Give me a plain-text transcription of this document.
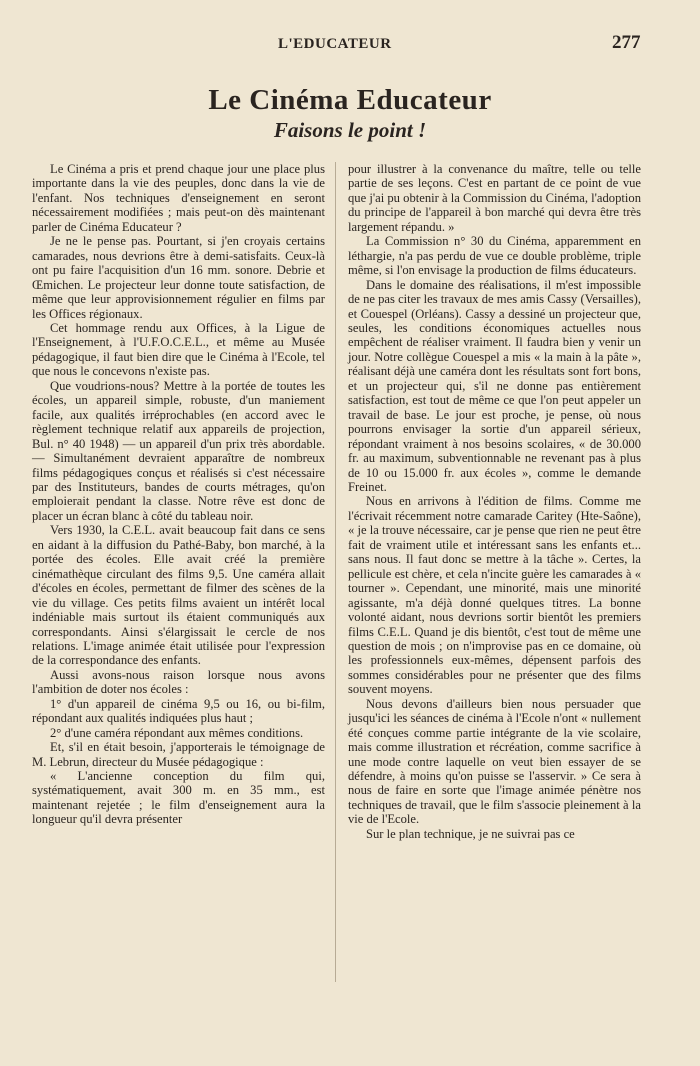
L'EDUCATEUR	277
Le Cinéma Educateur
Faisons le point !

Le Cinéma a pris et prend chaque jour une place plus importante dans la vie des peuples, donc dans la vie de l'enfant. Nos techniques d'enseignement en seront nécessairement modifiées ; mais peut-on dès maintenant parler de Cinéma Educateur ?

Je ne le pense pas. Pourtant, si j'en croyais certains camarades, nous devrions être à demi-satisfaits. Ceux-là ont pu faire l'acquisition d'un 16 mm. sonore. Debrie et Œmichen. Le projecteur leur donne toute satisfaction, de même que leur approvisionnement régulier en films par les Offices régionaux.

Cet hommage rendu aux Offices, à la Ligue de l'Enseignement, à l'U.F.O.C.E.L., et même au Musée pédagogique, il faut bien dire que le Cinéma à l'Ecole, tel que nous le concevons n'existe pas.

Que voudrions-nous? Mettre à la portée de toutes les écoles, un appareil simple, robuste, d'un maniement facile, aux qualités irréprochables (en accord avec le règlement technique relatif aux appareils de projection, Bul. n° 40 1948) — un appareil d'un prix très abordable. — Simultanément devraient apparaître de nombreux films pédagogiques conçus et réalisés si c'est nécessaire par des Instituteurs, bandes de courts métrages, qu'on emploierait pendant la classe. Notre rêve est donc de placer un écran blanc à côté du tableau noir.

Vers 1930, la C.E.L. avait beaucoup fait dans ce sens en aidant à la diffusion du Pathé-Baby, bon marché, à la portée des écoles. Elle avait créé la première cinémathèque circulant des films 9,5. Une caméra allait d'écoles en écoles, permettant de filmer des scènes de la vie du village. Ces petits films avaient un intérêt local indéniable mais surtout ils étaient communiqués aux correspondants. Ainsi s'élargissait le cercle de nos relations. L'image animée était utilisée pour l'expression de la correspondance des enfants.

Aussi avons-nous raison lorsque nous avons l'ambition de doter nos écoles :

1° d'un appareil de cinéma 9,5 ou 16, ou bi-film, répondant aux qualités indiquées plus haut ;

2° d'une caméra répondant aux mêmes conditions.

Et, s'il en était besoin, j'apporterais le témoignage de M. Lebrun, directeur du Musée pédagogique :

« L'ancienne conception du film qui, systématiquement, avait 300 m. en 35 mm., est maintenant rejetée ; le film d'enseignement aura la longueur qu'il devra présenter

pour illustrer à la convenance du maître, telle ou telle partie de ses leçons. C'est en partant de ce point de vue que j'ai pu obtenir à la Commission du Cinéma, l'adoption du principe de l'appareil à bon marché qui devra être très largement répandu. »

La Commission n° 30 du Cinéma, apparemment en léthargie, n'a pas perdu de vue ce double problème, triple même, si l'on envisage la production de films éducateurs.

Dans le domaine des réalisations, il m'est impossible de ne pas citer les travaux de mes amis Cassy (Versailles), et Couespel (Orléans). Cassy a dessiné un projecteur que, seules, les conditions économiques actuelles nous empêchent de réaliser vraiment. Il faudra bien y venir un jour. Notre collègue Couespel a mis « la main à la pâte », réalisant déjà une caméra dont les résultats sont fort bons, et un projecteur qui, s'il ne donne pas entièrement satisfaction, est tout de même ce que l'on peut appeler un travail de base. Le jour est proche, je pense, où nous pourrons envisager la sortie d'un appareil sérieux, répondant vraiment à nos besoins scolaires, « de 30.000 fr. au maximum, subventionnable ne revenant pas à plus de 10 ou 15.000 fr. aux écoles », comme le demande Freinet.

Nous en arrivons à l'édition de films. Comme me l'écrivait récemment notre camarade Caritey (Hte-Saône), « je la trouve nécessaire, car je pense que rien ne peut être fait de vraiment utile et intéressant sans les enfants et... sans nous. Il faut donc se mettre à la tâche ». Certes, la pellicule est chère, et cela n'incite guère les camarades à « tourner ». Cependant, une minorité, mais une minorité agissante, m'a déjà donné quelques titres. La bonne volonté aidant, nous devrions sortir bientôt les premiers films C.E.L. Quand je dis bientôt, c'est tout de même une question de mois ; on n'improvise pas en ce domaine, où les professionnels eux-mêmes, dépensent parfois des sommes considérables pour ne présenter que des films souvent moyens.

Nous devons d'ailleurs bien nous persuader que jusqu'ici les séances de cinéma à l'Ecole n'ont « nullement été conçues comme partie intégrante de la vie scolaire, mais comme illustration et récréation, comme sacrifice à une mode contre laquelle on veut bien essayer de se défendre, à moins qu'on puisse se l'asservir. » Ce sera à nous de faire en sorte que l'image animée pénètre nos techniques de travail, que le film s'associe pleinement à la vie de l'Ecole.

Sur le plan technique, je ne suivrai pas ce
